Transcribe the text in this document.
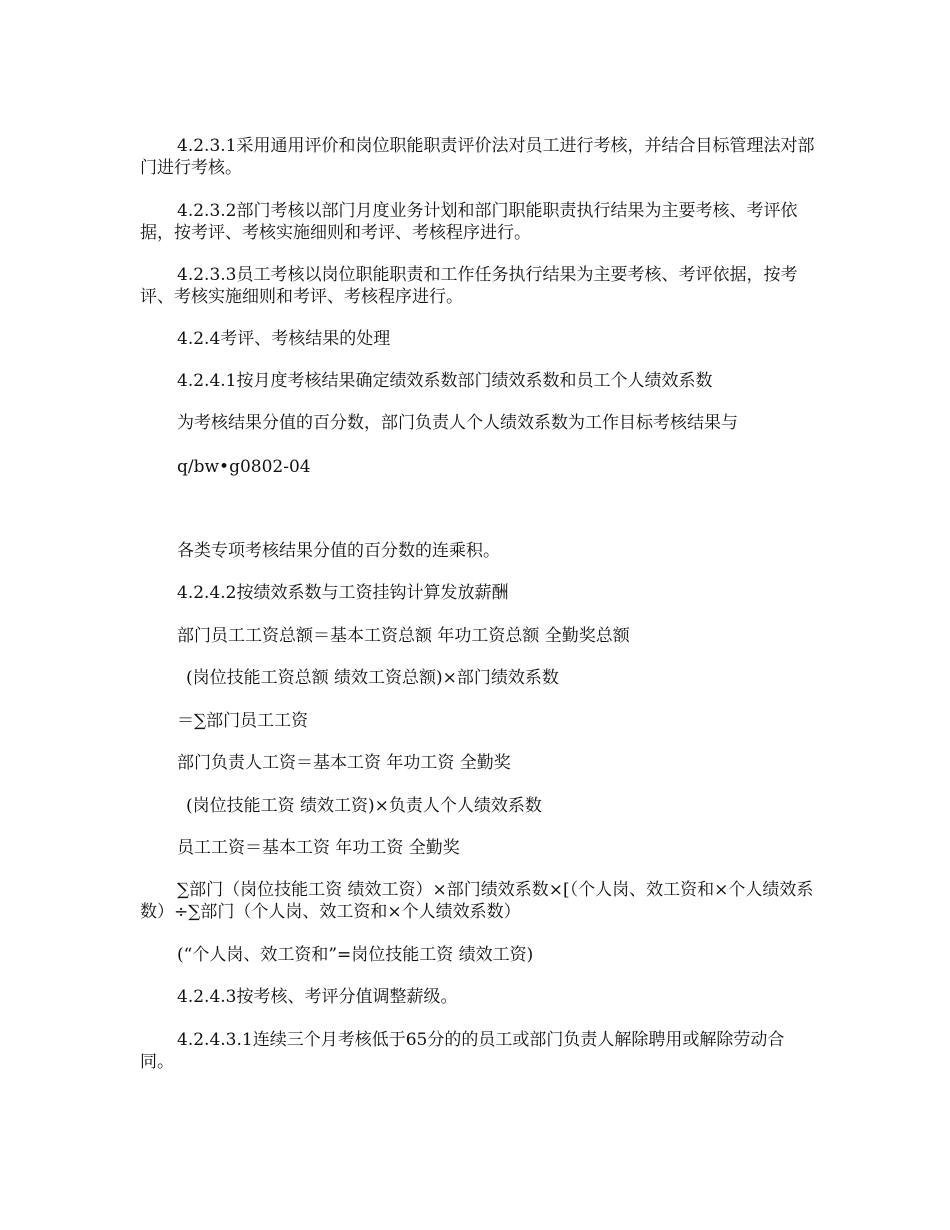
4.2.3.1采用通用评价和岗位职能职责评价法对员工进行考核，并结合目标管理法对部门进行考核。
4.2.3.2部门考核以部门月度业务计划和部门职能职责执行结果为主要考核、考评依据，按考评、考核实施细则和考评、考核程序进行。
4.2.3.3员工考核以岗位职能职责和工作任务执行结果为主要考核、考评依据，按考评、考核实施细则和考评、考核程序进行。
4.2.4考评、考核结果的处理
4.2.4.1按月度考核结果确定绩效系数部门绩效系数和员工个人绩效系数
为考核结果分值的百分数，部门负责人个人绩效系数为工作目标考核结果与
q/bw•g0802-04
各类专项考核结果分值的百分数的连乘积。
4.2.4.2按绩效系数与工资挂钩计算发放薪酬
部门员工工资总额＝基本工资总额 年功工资总额 全勤奖总额
(岗位技能工资总额 绩效工资总额)×部门绩效系数
＝∑部门员工工资
部门负责人工资＝基本工资 年功工资 全勤奖
(岗位技能工资 绩效工资)×负责人个人绩效系数
员工工资＝基本工资 年功工资 全勤奖
∑部门（岗位技能工资 绩效工资）×部门绩效系数×[（个人岗、效工资和×个人绩效系数）÷∑部门（个人岗、效工资和×个人绩效系数）
(“个人岗、效工资和”=岗位技能工资 绩效工资)
4.2.4.3按考核、考评分值调整薪级。
4.2.4.3.1连续三个月考核低于65分的的员工或部门负责人解除聘用或解除劳动合同。
